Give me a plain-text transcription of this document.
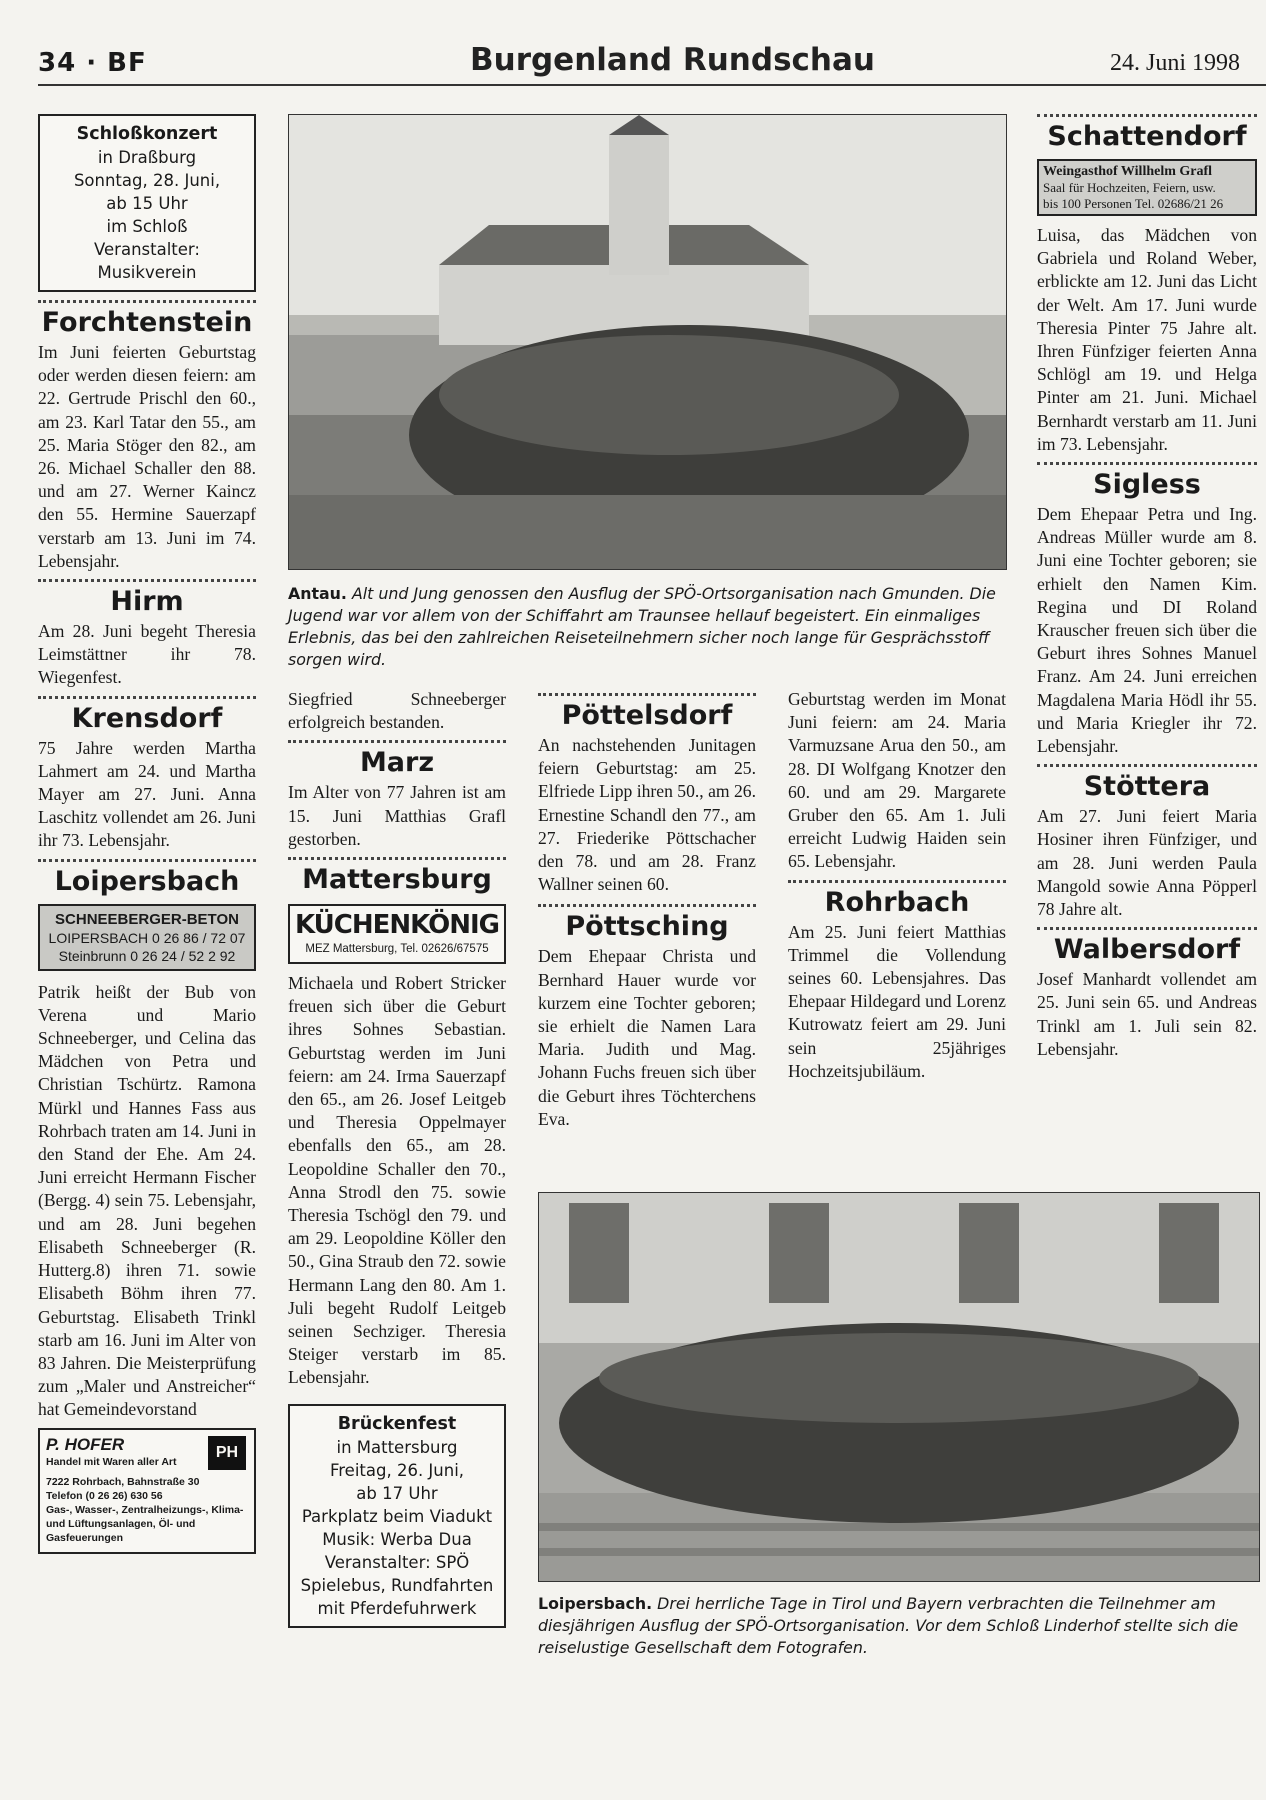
34 · BF	Burgenland Rundschau	24. Juni 1998
Schloßkonzert
in Draßburg
Sonntag, 28. Juni,
ab 15 Uhr
im Schloß
Veranstalter:
Musikverein

Forchtenstein

Im Juni feierten Geburtstag oder werden diesen feiern: am 22. Gertrude Prischl den 60., am 23. Karl Tatar den 55., am 25. Maria Stöger den 82., am 26. Michael Schaller den 88. und am 27. Werner Kaincz den 55. Hermine Sauerzapf verstarb am 13. Juni im 74. Lebensjahr.

Hirm

Am 28. Juni begeht Theresia Leimstättner ihr 78. Wiegenfest.

Krensdorf

75 Jahre werden Martha Lahmert am 24. und Martha Mayer am 27. Juni. Anna Laschitz vollendet am 26. Juni ihr 73. Lebensjahr.

Loipersbach

SCHNEEBERGER-BETON
LOIPERSBACH 0 26 86 / 72 07
Steinbrunn 0 26 24 / 52 2 92

Patrik heißt der Bub von Verena und Mario Schneeberger, und Celina das Mädchen von Petra und Christian Tschürtz. Ramona Mürkl und Hannes Fass aus Rohrbach traten am 14. Juni in den Stand der Ehe. Am 24. Juni erreicht Hermann Fischer (Bergg. 4) sein 75. Lebensjahr, und am 28. Juni begehen Elisabeth Schneeberger (R. Hutterg.8) ihren 71. sowie Elisabeth Böhm ihren 77. Geburtstag. Elisabeth Trinkl starb am 16. Juni im Alter von 83 Jahren. Die Meisterprüfung zum „Maler und Anstreicher“ hat Gemeindevorstand

P. HOFER
Handel mit Waren aller Art
7222 Rohrbach, Bahnstraße 30
Telefon (0 26 26) 630 56
Gas-, Wasser-, Zentralheizungs-, Klima- und Lüftungsanlagen, Öl- und Gasfeuerungen
PH
Antau. Alt und Jung genossen den Ausflug der SPÖ-Ortsorganisation nach Gmunden. Die Jugend war vor allem von der Schiffahrt am Traunsee hellauf begeistert. Ein einmaliges Erlebnis, das bei den zahlreichen Reiseteilnehmern sicher noch lange für Gesprächsstoff sorgen wird.

Siegfried Schneeberger erfolgreich bestanden.

Marz

Im Alter von 77 Jahren ist am 15. Juni Matthias Grafl gestorben.

Mattersburg

KÜCHENKÖNIG
MEZ Mattersburg, Tel. 02626/67575

Michaela und Robert Stricker freuen sich über die Geburt ihres Sohnes Sebastian. Geburtstag werden im Juni feiern: am 24. Irma Sauerzapf den 65., am 26. Josef Leitgeb und Theresia Oppelmayer ebenfalls den 65., am 28. Leopoldine Schaller den 70., Anna Strodl den 75. sowie Theresia Tschögl den 79. und am 29. Leopoldine Köller den 50., Gina Straub den 72. sowie Hermann Lang den 80. Am 1. Juli begeht Rudolf Leitgeb seinen Sechziger. Theresia Steiger verstarb im 85. Lebensjahr.

Brückenfest
in Mattersburg
Freitag, 26. Juni,
ab 17 Uhr
Parkplatz beim Viadukt
Musik: Werba Dua
Veranstalter: SPÖ
Spielebus, Rundfahrten mit Pferdefuhrwerk

Pöttelsdorf

An nachstehenden Junitagen feiern Geburtstag: am 25. Elfriede Lipp ihren 50., am 26. Ernestine Schandl den 77., am 27. Friederike Pöttschacher den 78. und am 28. Franz Wallner seinen 60.

Pöttsching

Dem Ehepaar Christa und Bernhard Hauer wurde vor kurzem eine Tochter geboren; sie erhielt die Namen Lara Maria. Judith und Mag. Johann Fuchs freuen sich über die Geburt ihres Töchterchens Eva.

Geburtstag werden im Monat Juni feiern: am 24. Maria Varmuzsane Arua den 50., am 28. DI Wolfgang Knotzer den 60. und am 29. Margarete Gruber den 65. Am 1. Juli erreicht Ludwig Haiden sein 65. Lebensjahr.

Rohrbach

Am 25. Juni feiert Matthias Trimmel die Vollendung seines 60. Lebensjahres. Das Ehepaar Hildegard und Lorenz Kutrowatz feiert am 29. Juni sein 25jähriges Hochzeitsjubiläum.

Schattendorf

Weingasthof Willhelm Grafl
Saal für Hochzeiten, Feiern, usw.
bis 100 Personen Tel. 02686/21 26

Luisa, das Mädchen von Gabriela und Roland Weber, erblickte am 12. Juni das Licht der Welt. Am 17. Juni wurde Theresia Pinter 75 Jahre alt. Ihren Fünfziger feierten Anna Schlögl am 19. und Helga Pinter am 21. Juni. Michael Bernhardt verstarb am 11. Juni im 73. Lebensjahr.

Sigless

Dem Ehepaar Petra und Ing. Andreas Müller wurde am 8. Juni eine Tochter geboren; sie erhielt den Namen Kim. Regina und DI Roland Krauscher freuen sich über die Geburt ihres Sohnes Manuel Franz. Am 24. Juni erreichen Magdalena Maria Hödl ihr 55. und Maria Kriegler ihr 72. Lebensjahr.

Stöttera

Am 27. Juni feiert Maria Hosiner ihren Fünfziger, und am 28. Juni werden Paula Mangold sowie Anna Pöpperl 78 Jahre alt.

Walbersdorf

Josef Manhardt vollendet am 25. Juni sein 65. und Andreas Trinkl am 1. Juli sein 82. Lebensjahr.

Loipersbach. Drei herrliche Tage in Tirol und Bayern verbrachten die Teilnehmer am diesjährigen Ausflug der SPÖ-Ortsorganisation. Vor dem Schloß Linderhof stellte sich die reiselustige Gesellschaft dem Fotografen.
